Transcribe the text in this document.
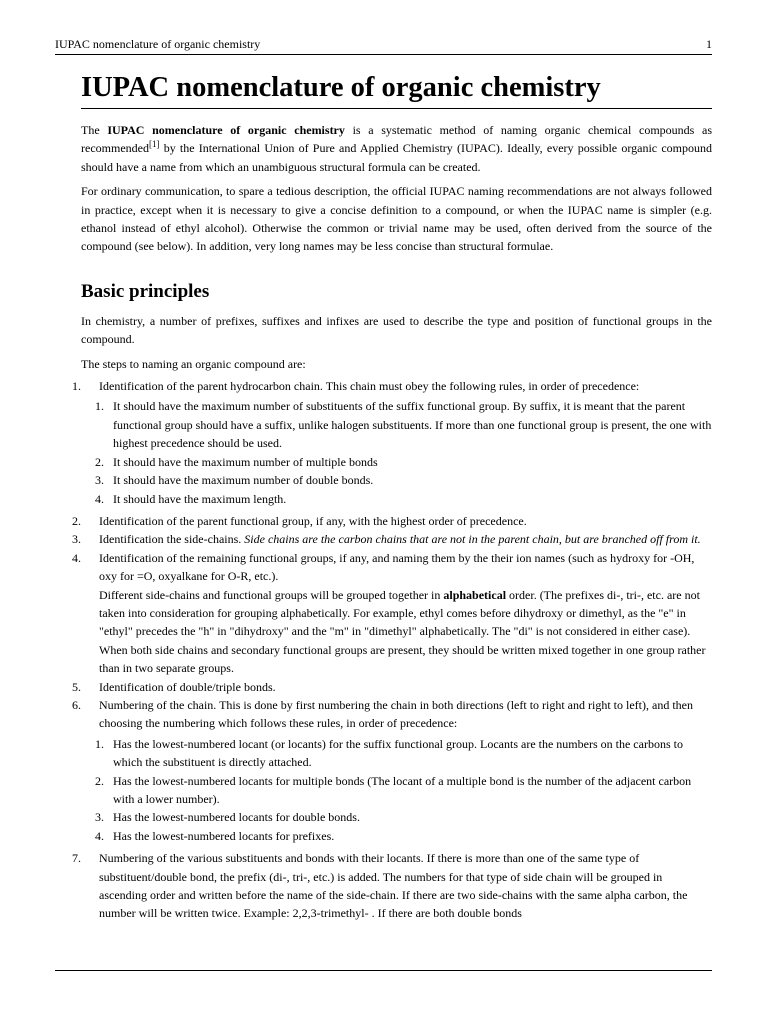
IUPAC nomenclature of organic chemistry	1
IUPAC nomenclature of organic chemistry

The IUPAC nomenclature of organic chemistry is a systematic method of naming organic chemical compounds as recommended[1] by the International Union of Pure and Applied Chemistry (IUPAC). Ideally, every possible organic compound should have a name from which an unambiguous structural formula can be created.

For ordinary communication, to spare a tedious description, the official IUPAC naming recommendations are not always followed in practice, except when it is necessary to give a concise definition to a compound, or when the IUPAC name is simpler (e.g. ethanol instead of ethyl alcohol). Otherwise the common or trivial name may be used, often derived from the source of the compound (see below). In addition, very long names may be less concise than structural formulae.

Basic principles

In chemistry, a number of prefixes, suffixes and infixes are used to describe the type and position of functional groups in the compound.

The steps to naming an organic compound are:

1.	Identification of the parent hydrocarbon chain. This chain must obey the following rules, in order of precedence:
1. It should have the maximum number of substituents of the suffix functional group. By suffix, it is meant that the parent functional group should have a suffix, unlike halogen substituents. If more than one functional group is present, the one with highest precedence should be used.
2. It should have the maximum number of multiple bonds
3. It should have the maximum number of double bonds.
4. It should have the maximum length.
2.	Identification of the parent functional group, if any, with the highest order of precedence.
3.	Identification the side-chains. Side chains are the carbon chains that are not in the parent chain, but are branched off from it.
4.	Identification of the remaining functional groups, if any, and naming them by the their ion names (such as hydroxy for -OH, oxy for =O, oxyalkane for O-R, etc.).
Different side-chains and functional groups will be grouped together in alphabetical order. (The prefixes di-, tri-, etc. are not taken into consideration for grouping alphabetically. For example, ethyl comes before dihydroxy or dimethyl, as the "e" in "ethyl" precedes the "h" in "dihydroxy" and the "m" in "dimethyl" alphabetically. The "di" is not considered in either case). When both side chains and secondary functional groups are present, they should be written mixed together in one group rather than in two separate groups.
5.	Identification of double/triple bonds.
6.	Numbering of the chain. This is done by first numbering the chain in both directions (left to right and right to left), and then choosing the numbering which follows these rules, in order of precedence:
1. Has the lowest-numbered locant (or locants) for the suffix functional group. Locants are the numbers on the carbons to which the substituent is directly attached.
2. Has the lowest-numbered locants for multiple bonds (The locant of a multiple bond is the number of the adjacent carbon with a lower number).
3. Has the lowest-numbered locants for double bonds.
4. Has the lowest-numbered locants for prefixes.
7.	Numbering of the various substituents and bonds with their locants. If there is more than one of the same type of substituent/double bond, the prefix (di-, tri-, etc.) is added. The numbers for that type of side chain will be grouped in ascending order and written before the name of the side-chain. If there are two side-chains with the same alpha carbon, the number will be written twice. Example: 2,2,3-trimethyl- . If there are both double bonds
